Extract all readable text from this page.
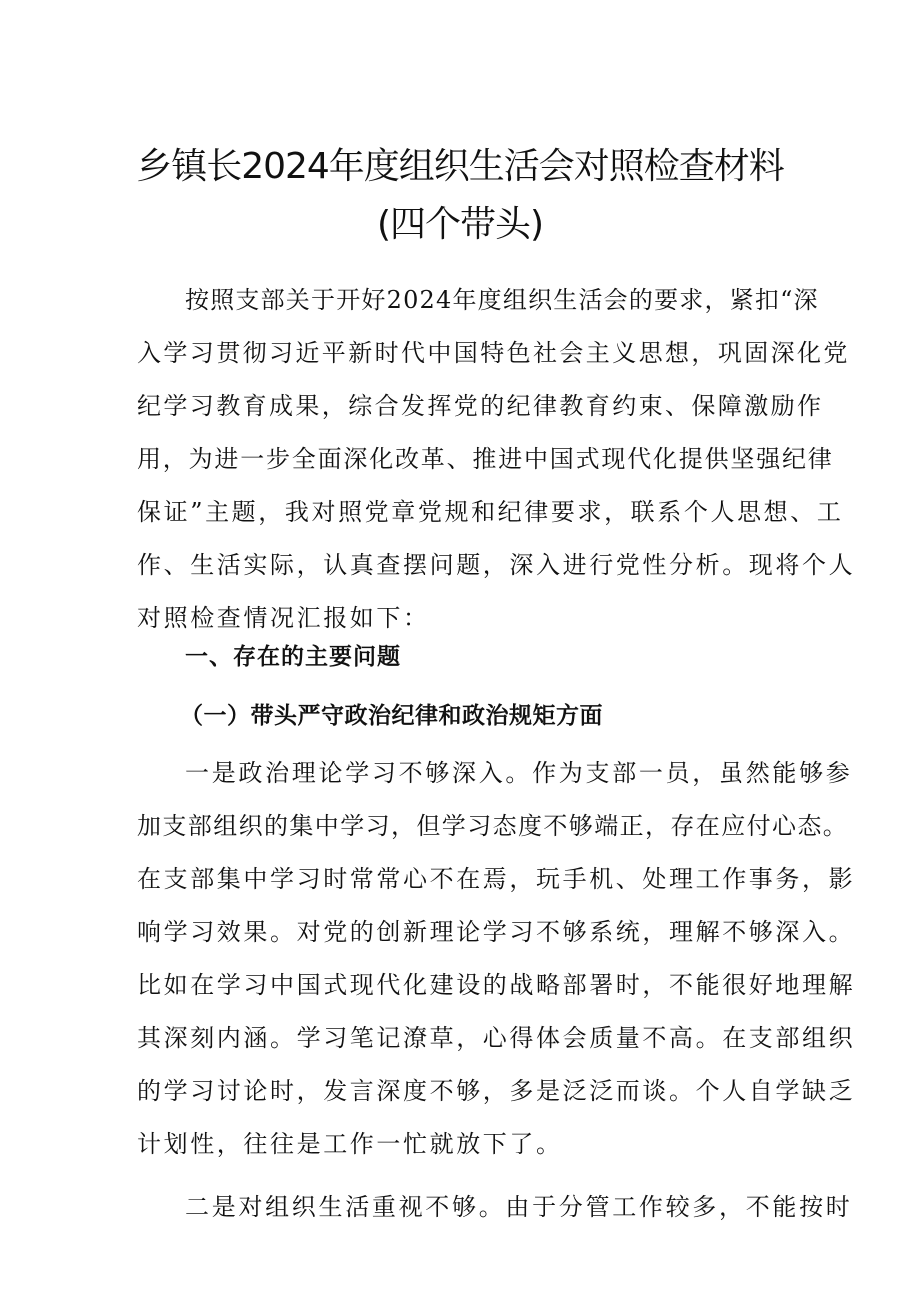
乡镇长2024年度组织生活会对照检查材料
(四个带头)
按照支部关于开好2024年度组织生活会的要求，紧扣“深
入学习贯彻习近平新时代中国特色社会主义思想，巩固深化党
纪学习教育成果，综合发挥党的纪律教育约束、保障激励作
用，为进一步全面深化改革、推进中国式现代化提供坚强纪律
保证”主题，我对照党章党规和纪律要求，联系个人思想、工
作、生活实际，认真查摆问题，深入进行党性分析。现将个人
对照检查情况汇报如下：
一、存在的主要问题
（一）带头严守政治纪律和政治规矩方面
一是政治理论学习不够深入。作为支部一员，虽然能够参
加支部组织的集中学习，但学习态度不够端正，存在应付心态。
在支部集中学习时常常心不在焉，玩手机、处理工作事务，影
响学习效果。对党的创新理论学习不够系统，理解不够深入。
比如在学习中国式现代化建设的战略部署时，不能很好地理解
其深刻内涵。学习笔记潦草，心得体会质量不高。在支部组织
的学习讨论时，发言深度不够，多是泛泛而谈。个人自学缺乏
计划性，往往是工作一忙就放下了。
二是对组织生活重视不够。由于分管工作较多，不能按时
